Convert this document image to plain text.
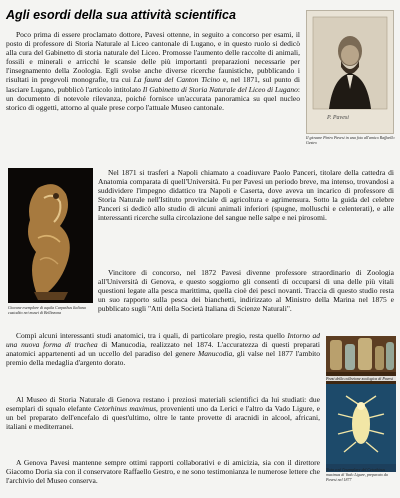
Agli esordi della sua attività scientifica
P. Pavesi
Il giovane Pietro Pavesi in una foto all'amico Raffaello Gestro

Poco prima di essere proclamato dottore, Pavesi ottenne, in seguito a concorso per esami, il posto di professore di Storia Naturale al Liceo cantonale di Lugano, e in questo ruolo si dedicò alla cura del Gabinetto di storia naturale del Liceo. Promosse l'aumento delle raccolte di animali, fossili e minerali e arricchì le scansie delle più importanti preparazioni necessarie per l'insegnamento della Zoologia. Egli svolse anche diverse ricerche faunistiche, pubblicando i risultati in pregevoli monografie, tra cui La fauna del Canton Ticino e, nel 1871, sul punto di lasciare Lugano, pubblicò l'articolo intitolato Il Gabinetto di Storia Naturale del Liceo di Lugano: un documento di notevole rilevanza, poiché fornisce un'accurata panoramica su quel nucleo storico di oggetti, attorno al quale prese corpo l'attuale Museo cantonale.

Giovane esemplare di aquila Carpathus Italiana custodito nei musei di Bellinzona

Nel 1871 si trasferì a Napoli chiamato a coadiuvare Paolo Panceri, titolare della cattedra di Anatomia comparata di quell'Università. Fu per Pavesi un periodo breve, ma intenso, trovandosi a suddividere l'impegno didattico tra Napoli e Caserta, dove aveva un incarico di professore di Storia Naturale nell'Istituto provinciale di agricoltura e agrimensura. Sotto la guida del celebre Panceri si dedicò allo studio di alcuni animali inferiori (spugne, molluschi e celenterati), e alle interessanti ricerche sulla circolazione del sangue nelle salpe e nei pirosomi.

Vincitore di concorso, nel 1872 Pavesi divenne professore straordinario di Zoologia all'Università di Genova, e questo soggiorno gli consentì di occuparsi di una delle più vitali questioni legate alla pesca marittima, quella cioè dei pesci novanti. Traccia di questo studio resta un suo rapporto sulla pesca dei bianchetti, indirizzato al Ministro della Marina nel 1875 e pubblicato sugli "Atti della Società Italiana di Scienze Naturali".

Compì alcuni interessanti studi anatomici, tra i quali, di particolare pregio, resta quello Intorno ad una nuova forma di trachea di Manucodia, realizzato nel 1874. L'accuratezza di questi preparati anatomici appartenenti ad un uccello del paradiso del genere Manucodia, gli valse nel 1877 l'ambito premio della medaglia d'argento dorato.

Pezzi della collezione zoologica di Pavesi

Al Museo di Storia Naturale di Genova restano i preziosi materiali scientifici da lui studiati: due esemplari di squalo elefante Cetorhinus maximus, provenienti uno da Lerici e l'altro da Vado Ligure, e un bel preparato dell'encefalo di quest'ultimo, oltre le tante provette di aracnidi in alcool, africani, italiani e mediterranei.

Nota così l'esemplare del Cetorhinus maximus di Vado Ligure, preparato da Pavesi nel 1877

A Genova Pavesi mantenne sempre ottimi rapporti collaborativi e di amicizia, sia con il direttore Giacomo Doria sia con il conservatore Raffaello Gestro, e ne sono testimonianza le numerose lettere che l'archivio del Museo conserva.
